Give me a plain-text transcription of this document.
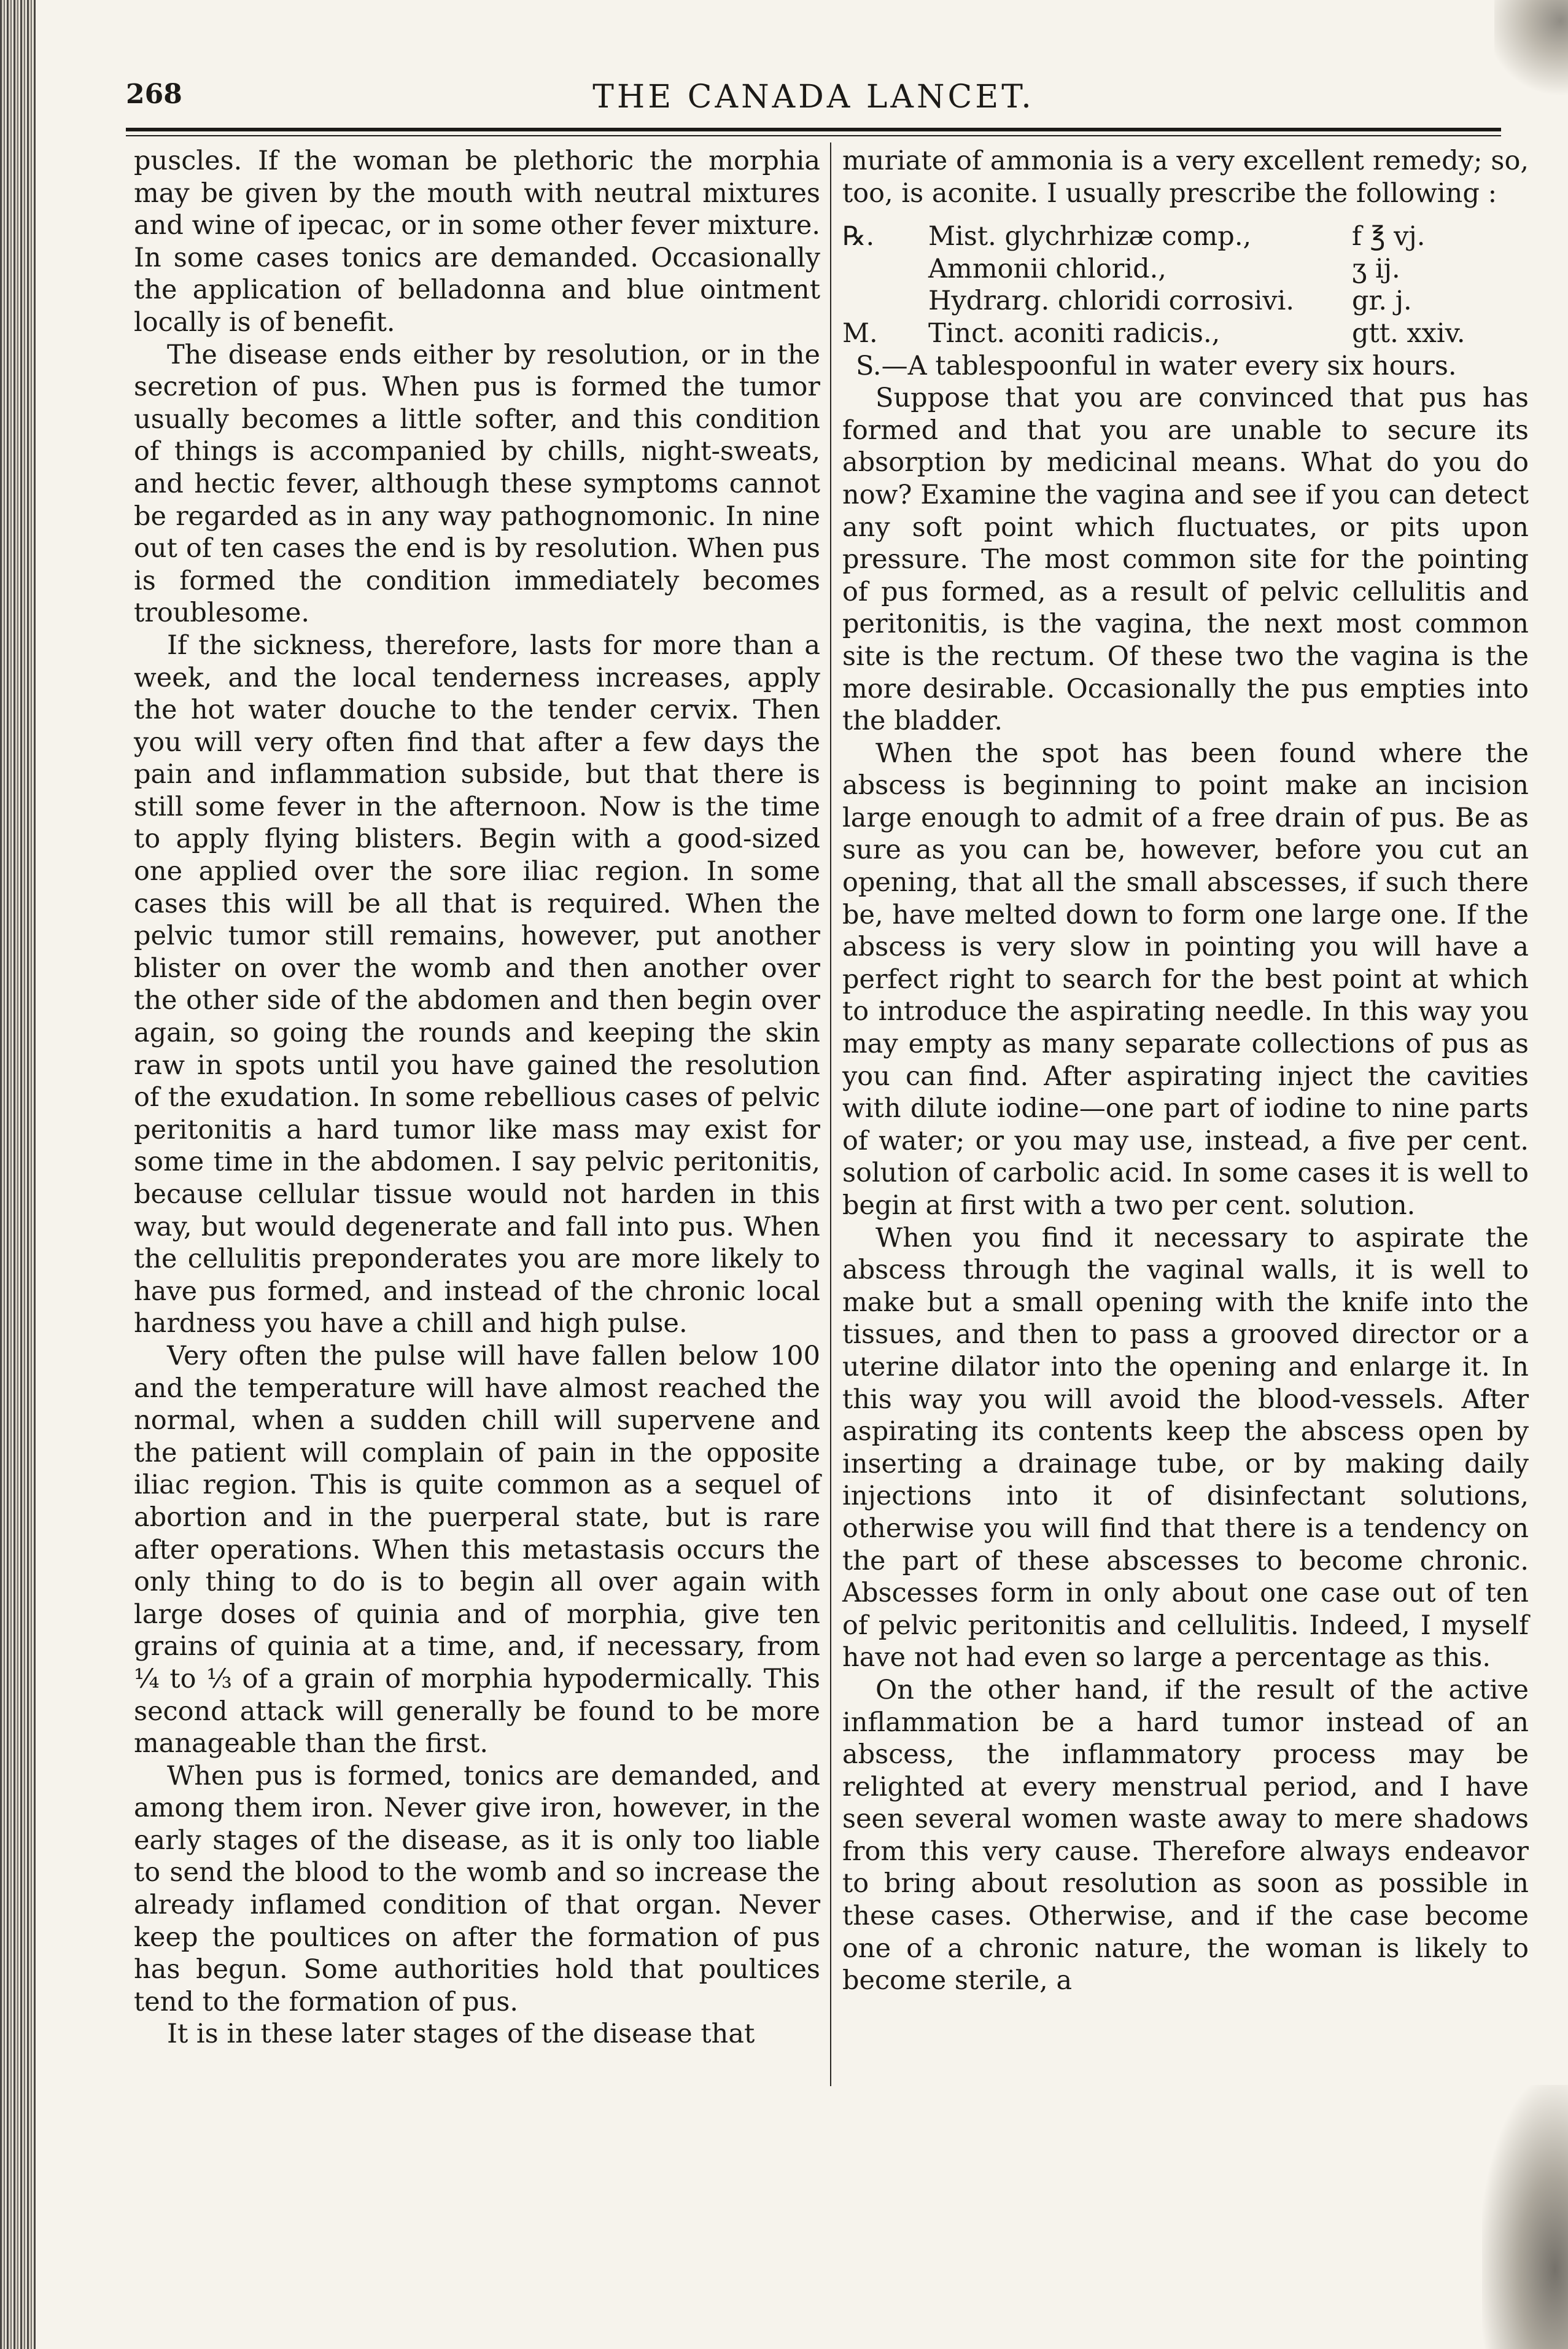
268	THE CANADA LANCET.

puscles. If the woman be plethoric the morphia may be given by the mouth with neutral mixtures and wine of ipecac, or in some other fever mixture. In some cases tonics are demanded. Occasionally the application of belladonna and blue ointment locally is of benefit.

The disease ends either by resolution, or in the secretion of pus. When pus is formed the tumor usually becomes a little softer, and this condition of things is accompanied by chills, night-sweats, and hectic fever, although these symptoms cannot be regarded as in any way pathognomonic. In nine out of ten cases the end is by resolution. When pus is formed the condition immediately becomes troublesome.

If the sickness, therefore, lasts for more than a week, and the local tenderness increases, apply the hot water douche to the tender cervix. Then you will very often find that after a few days the pain and inflammation subside, but that there is still some fever in the afternoon. Now is the time to apply flying blisters. Begin with a good-sized one applied over the sore iliac region. In some cases this will be all that is required. When the pelvic tumor still remains, however, put another blister on over the womb and then another over the other side of the abdomen and then begin over again, so going the rounds and keeping the skin raw in spots until you have gained the resolution of the exudation. In some rebellious cases of pelvic peritonitis a hard tumor like mass may exist for some time in the abdomen. I say pelvic peritonitis, because cellular tissue would not harden in this way, but would degenerate and fall into pus. When the cellulitis preponderates you are more likely to have pus formed, and instead of the chronic local hardness you have a chill and high pulse.

Very often the pulse will have fallen below 100 and the temperature will have almost reached the normal, when a sudden chill will supervene and the patient will complain of pain in the opposite iliac region. This is quite common as a sequel of abortion and in the puerperal state, but is rare after operations. When this metastasis occurs the only thing to do is to begin all over again with large doses of quinia and of morphia, give ten grains of quinia at a time, and, if necessary, from ¼ to ⅓ of a grain of morphia hypodermically. This second attack will generally be found to be more manageable than the first.

When pus is formed, tonics are demanded, and among them iron. Never give iron, however, in the early stages of the disease, as it is only too liable to send the blood to the womb and so increase the already inflamed condition of that organ. Never keep the poultices on after the formation of pus has begun. Some authorities hold that poultices tend to the formation of pus.

It is in these later stages of the disease that

muriate of ammonia is a very excellent remedy; so, too, is aconite. I usually prescribe the following :

℞.	Mist. glychrhizæ comp.,	f ℥ vj.
Ammonii chlorid.,	ʒ ij.
Hydrarg. chloridi corrosivi.	gr. j.
M.	Tinct. aconiti radicis.,	gtt. xxiv.

S.—A tablespoonful in water every six hours.

Suppose that you are convinced that pus has formed and that you are unable to secure its absorption by medicinal means. What do you do now? Examine the vagina and see if you can detect any soft point which fluctuates, or pits upon pressure. The most common site for the pointing of pus formed, as a result of pelvic cellulitis and peritonitis, is the vagina, the next most common site is the rectum. Of these two the vagina is the more desirable. Occasionally the pus empties into the bladder.

When the spot has been found where the abscess is beginning to point make an incision large enough to admit of a free drain of pus. Be as sure as you can be, however, before you cut an opening, that all the small abscesses, if such there be, have melted down to form one large one. If the abscess is very slow in pointing you will have a perfect right to search for the best point at which to introduce the aspirating needle. In this way you may empty as many separate collections of pus as you can find. After aspirating inject the cavities with dilute iodine—one part of iodine to nine parts of water; or you may use, instead, a five per cent. solution of carbolic acid. In some cases it is well to begin at first with a two per cent. solution.

When you find it necessary to aspirate the abscess through the vaginal walls, it is well to make but a small opening with the knife into the tissues, and then to pass a grooved director or a uterine dilator into the opening and enlarge it. In this way you will avoid the blood-vessels. After aspirating its contents keep the abscess open by inserting a drainage tube, or by making daily injections into it of disinfectant solutions, otherwise you will find that there is a tendency on the part of these abscesses to become chronic. Abscesses form in only about one case out of ten of pelvic peritonitis and cellulitis. Indeed, I myself have not had even so large a percentage as this.

On the other hand, if the result of the active inflammation be a hard tumor instead of an abscess, the inflammatory process may be relighted at every menstrual period, and I have seen several women waste away to mere shadows from this very cause. Therefore always endeavor to bring about resolution as soon as possible in these cases. Otherwise, and if the case become one of a chronic nature, the woman is likely to become sterile, a
